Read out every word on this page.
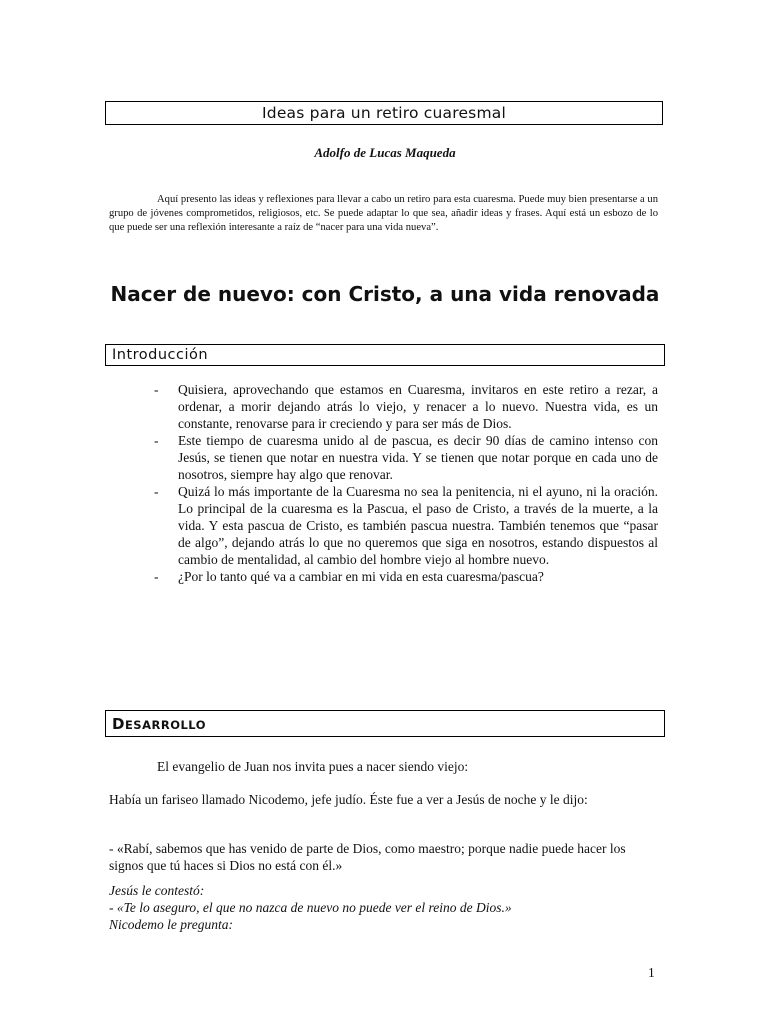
Ideas para un retiro cuaresmal
Adolfo de Lucas Maqueda

Aquí presento las ideas y reflexiones para llevar a cabo un retiro para esta cuaresma. Puede muy bien presentarse a un grupo de jóvenes comprometidos, religiosos, etc. Se puede adaptar lo que sea, añadir ideas y frases. Aquí está un esbozo de lo que puede ser una reflexión interesante a raíz de “nacer para una vida nueva”.

Nacer de nuevo: con Cristo, a una vida renovada
Introducción
- Quisiera, aprovechando que estamos en Cuaresma, invitaros en este retiro a rezar, a ordenar, a morir dejando atrás lo viejo, y renacer a lo nuevo. Nuestra vida, es un constante, renovarse para ir creciendo y para ser más de Dios.
- Este tiempo de cuaresma unido al de pascua, es decir 90 días de camino intenso con Jesús, se tienen que notar en nuestra vida. Y se tienen que notar porque en cada uno de nosotros, siempre hay algo que renovar.
- Quizá lo más importante de la Cuaresma no sea la penitencia, ni el ayuno, ni la oración. Lo principal de la cuaresma es la Pascua, el paso de Cristo, a través de la muerte, a la vida. Y esta pascua de Cristo, es también pascua nuestra. También tenemos que “pasar de algo”, dejando atrás lo que no queremos que siga en nosotros, estando dispuestos al cambio de mentalidad, al cambio del hombre viejo al hombre nuevo.
- ¿Por lo tanto qué va a cambiar en mi vida en esta cuaresma/pascua?
DESARROLLO

El evangelio de Juan nos invita pues a nacer siendo viejo:

Había un fariseo llamado Nicodemo, jefe judío. Éste fue a ver a Jesús de noche y le dijo:

- «Rabí, sabemos que has venido de parte de Dios, como maestro; porque nadie puede hacer los signos que tú haces si Dios no está con él.»

Jesús le contestó:

- «Te lo aseguro, el que no nazca de nuevo no puede ver el reino de Dios.»

Nicodemo le pregunta:

1
